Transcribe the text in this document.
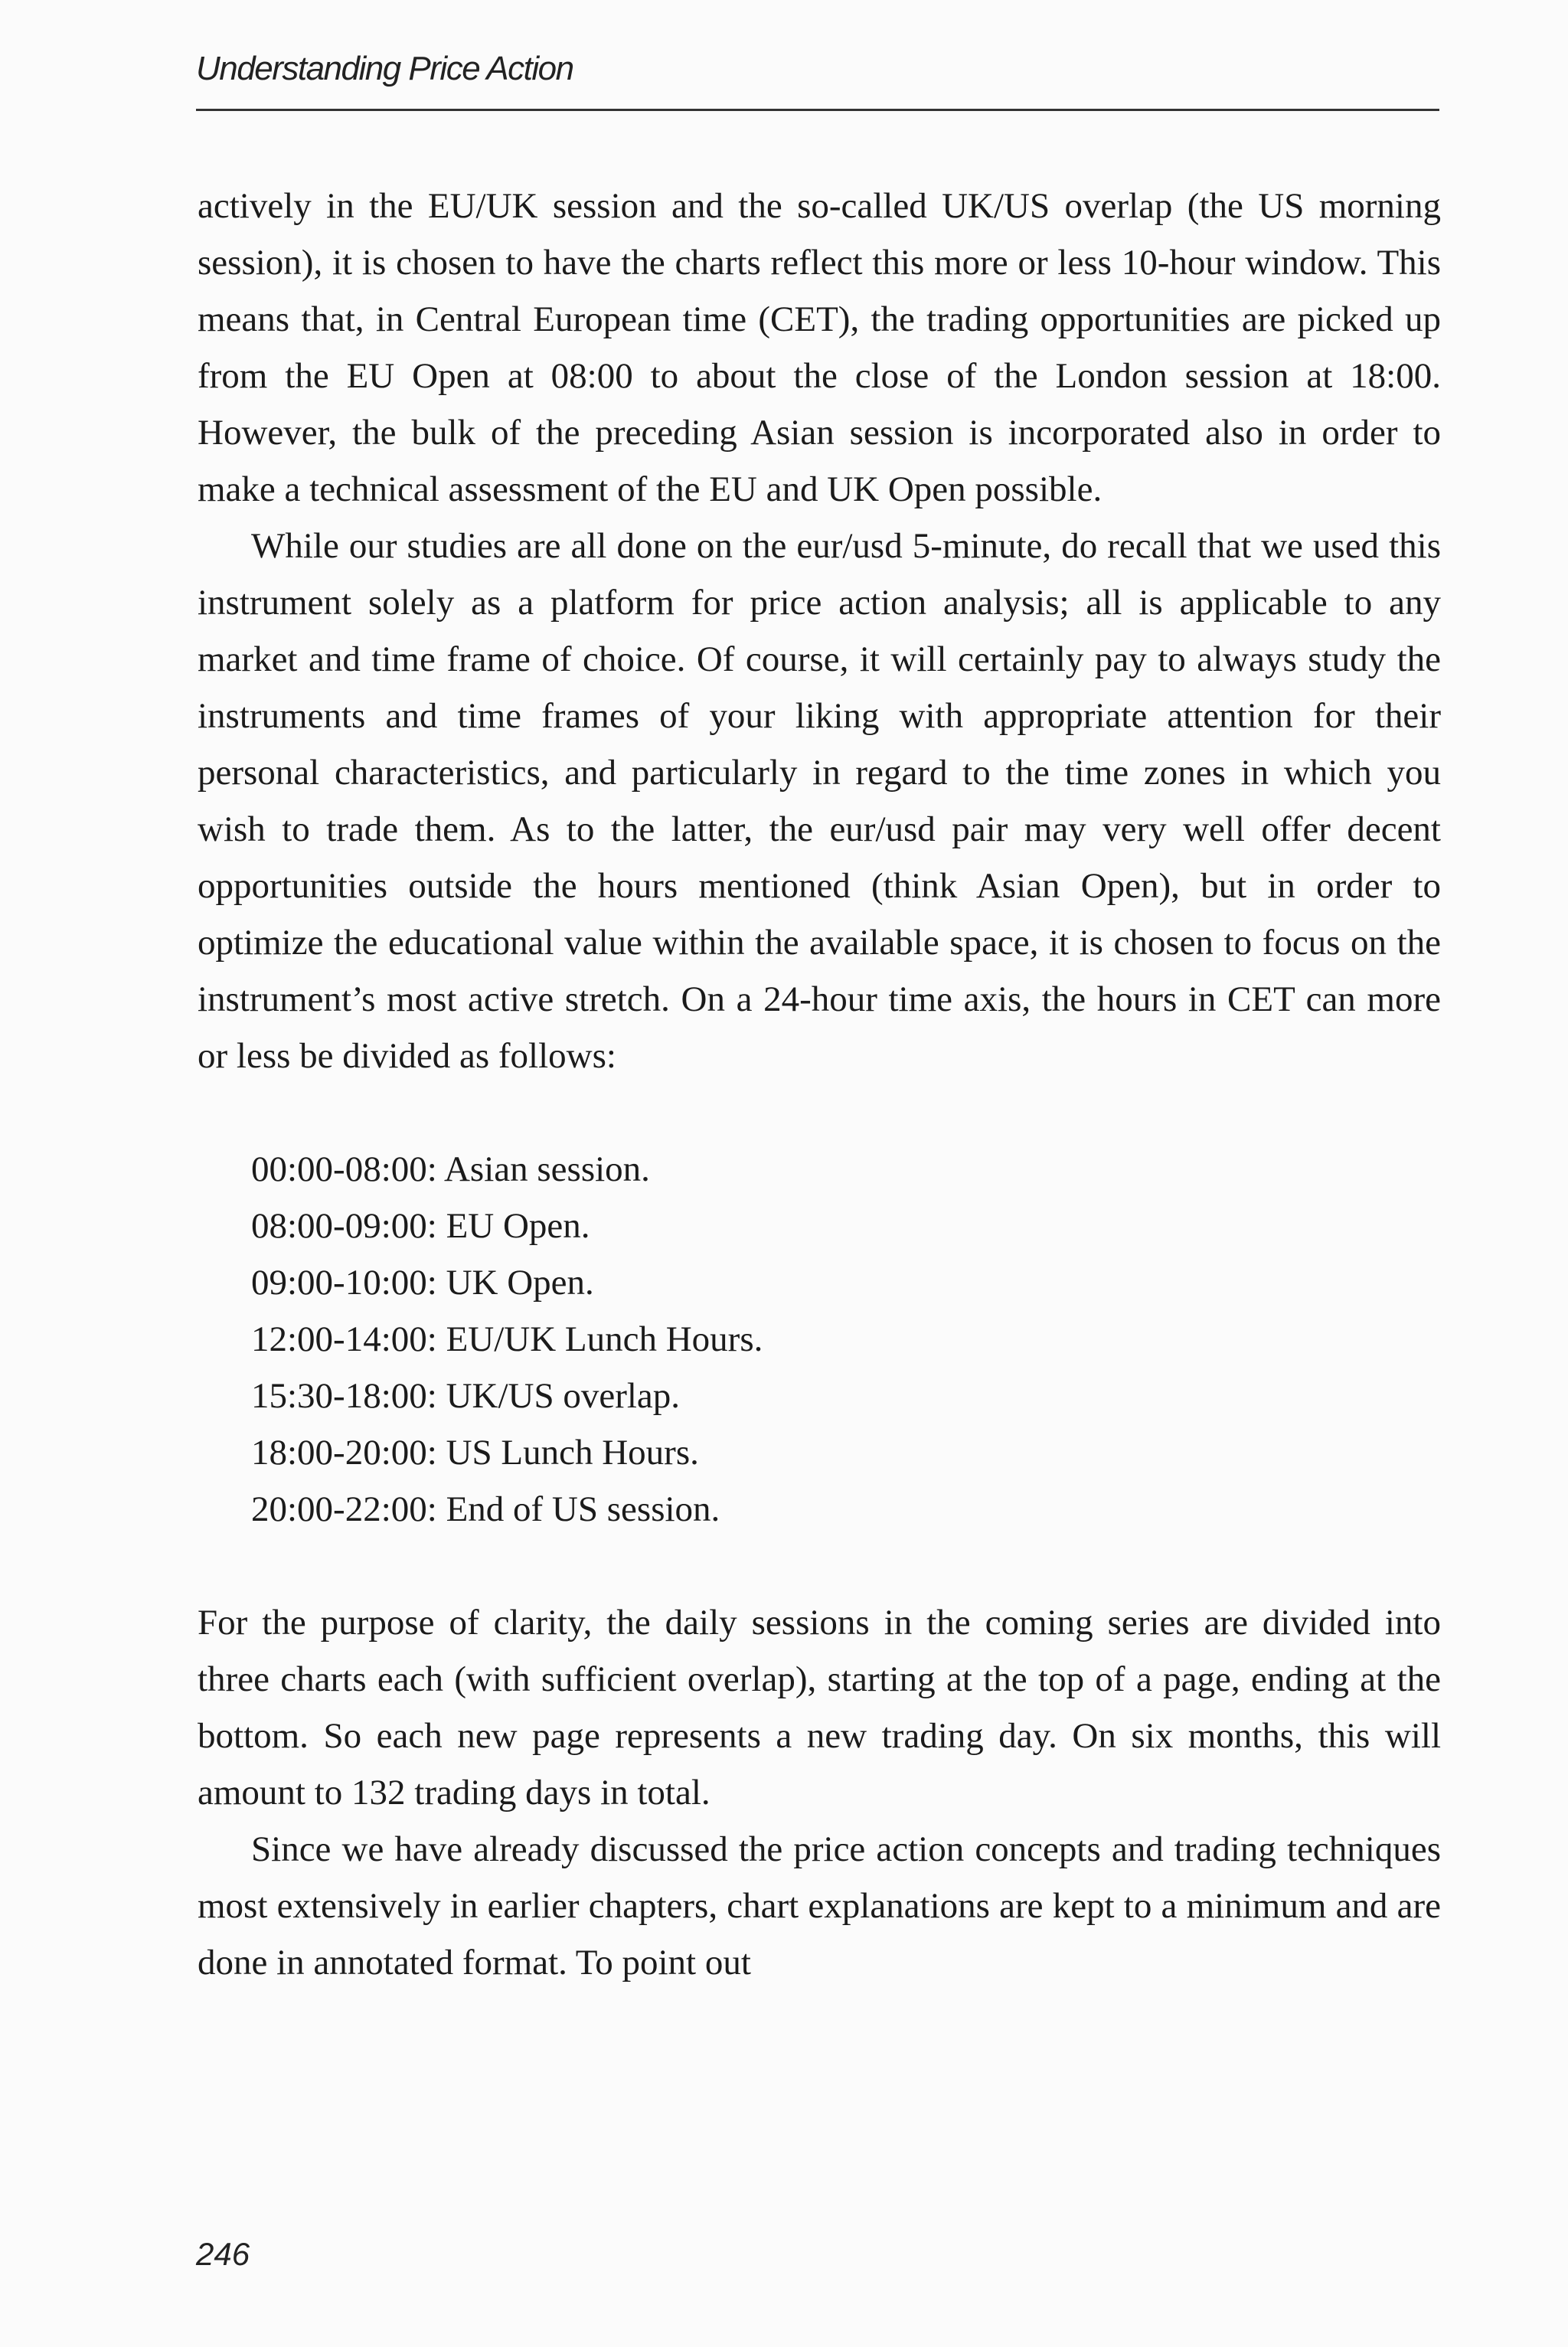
Understanding Price Action

actively in the EU/UK session and the so-called UK/US overlap (the US morning session), it is chosen to have the charts reflect this more or less 10-hour window. This means that, in Central European time (CET), the trading opportunities are picked up from the EU Open at 08:00 to about the close of the London session at 18:00. However, the bulk of the preceding Asian session is incorporated also in order to make a technical assessment of the EU and UK Open possible.

While our studies are all done on the eur/usd 5-minute, do recall that we used this instrument solely as a platform for price action analysis; all is applicable to any market and time frame of choice. Of course, it will certainly pay to always study the instruments and time frames of your liking with appropriate attention for their personal characteristics, and particularly in regard to the time zones in which you wish to trade them. As to the latter, the eur/usd pair may very well offer decent opportunities outside the hours mentioned (think Asian Open), but in order to optimize the educational value within the available space, it is chosen to focus on the instrument’s most active stretch. On a 24-hour time axis, the hours in CET can more or less be divided as follows:

00:00-08:00: Asian session.
08:00-09:00: EU Open.
09:00-10:00: UK Open.
12:00-14:00: EU/UK Lunch Hours.
15:30-18:00: UK/US overlap.
18:00-20:00: US Lunch Hours.
20:00-22:00: End of US session.

For the purpose of clarity, the daily sessions in the coming series are divided into three charts each (with sufficient overlap), starting at the top of a page, ending at the bottom. So each new page represents a new trading day. On six months, this will amount to 132 trading days in total.

Since we have already discussed the price action concepts and trading techniques most extensively in earlier chapters, chart explanations are kept to a minimum and are done in annotated format. To point out

246
